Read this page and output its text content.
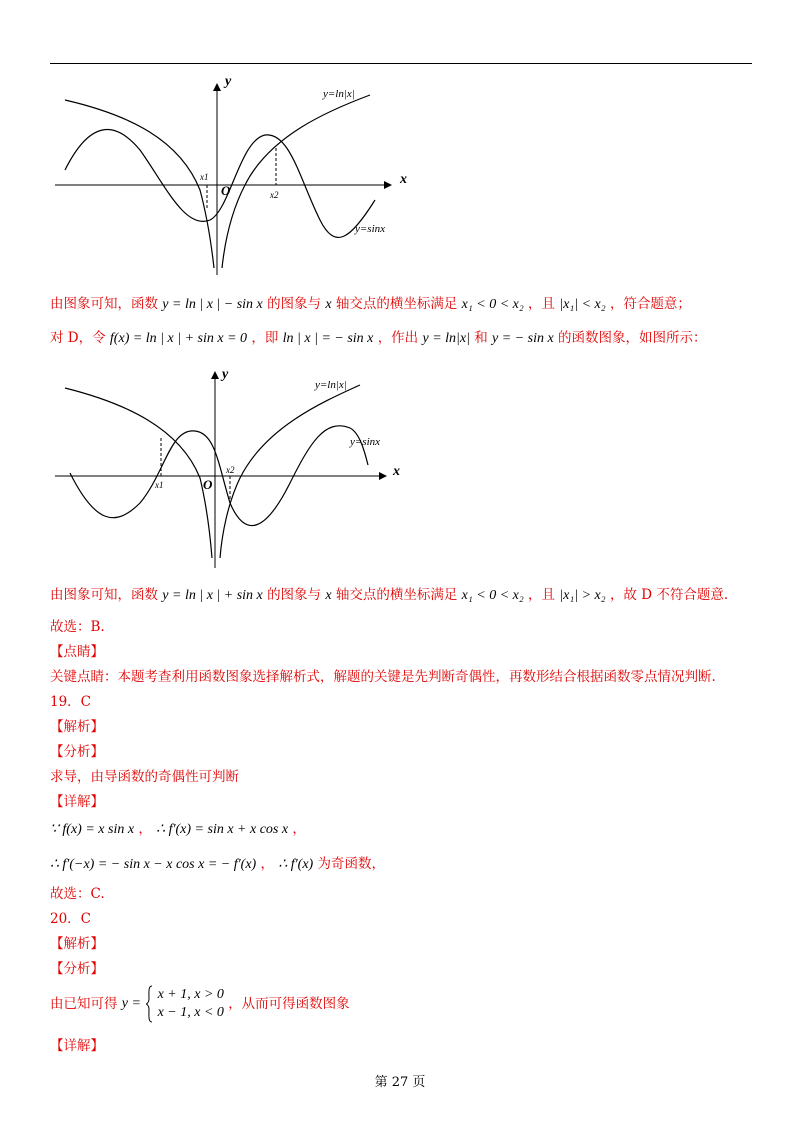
y=ln|x|
y=sinx
x
y
O
x1
x2
由图象可知，函数 y = ln | x | − sin x 的图象与 x 轴交点的横坐标满足 x₁ < 0 < x₂ ，且 |x₁| < x₂ ，符合题意；
对 D，令 f(x) = ln | x | + sin x = 0 ，即 ln | x | = − sin x ，作出 y = ln|x| 和 y = − sin x 的函数图象，如图所示：
y=ln|x|
y=sinx
x
y
O
x1
x2
由图象可知，函数 y = ln | x | + sin x 的图象与 x 轴交点的横坐标满足 x₁ < 0 < x₂ ，且 |x₁| > x₂ ，故 D 不符合题意.
故选：B.
【点睛】
关键点睛：本题考查利用函数图象选择解析式，解题的关键是先判断奇偶性，再数形结合根据函数零点情况判断.
19．C
【解析】
【分析】
求导，由导函数的奇偶性可判断
【详解】
∵ f(x) = x sin x ， ∴ f′(x) = sin x + x cos x ，
∴ f′(−x) = − sin x − x cos x = − f′(x) ， ∴ f′(x) 为奇函数，
故选：C.
20．C
【解析】
【分析】
由已知可得 y =
x + 1, x > 0
x − 1, x < 0
，从而可得函数图象
【详解】
第 27 页
